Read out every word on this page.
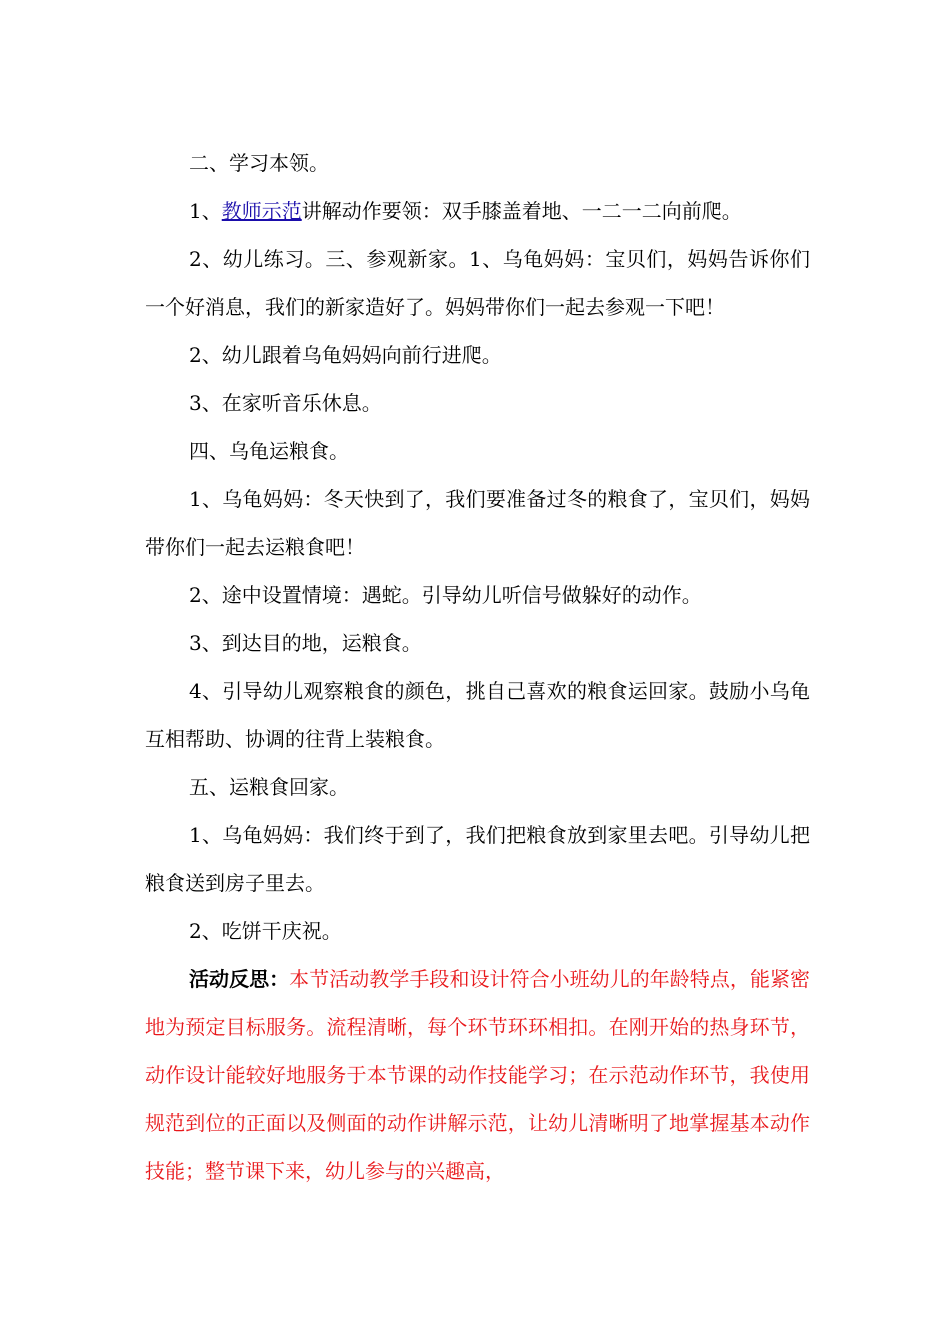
二、学习本领。

1、教师示范讲解动作要领：双手膝盖着地、一二一二向前爬。

2、幼儿练习。三、参观新家。1、乌龟妈妈：宝贝们，妈妈告诉你们一个好消息，我们的新家造好了。妈妈带你们一起去参观一下吧！

2、幼儿跟着乌龟妈妈向前行进爬。

3、在家听音乐休息。

四、乌龟运粮食。

1、乌龟妈妈：冬天快到了，我们要准备过冬的粮食了，宝贝们，妈妈带你们一起去运粮食吧！

2、途中设置情境：遇蛇。引导幼儿听信号做躲好的动作。

3、到达目的地，运粮食。

4、引导幼儿观察粮食的颜色，挑自己喜欢的粮食运回家。鼓励小乌龟互相帮助、协调的往背上装粮食。

五、运粮食回家。

1、乌龟妈妈：我们终于到了，我们把粮食放到家里去吧。引导幼儿把粮食送到房子里去。

2、吃饼干庆祝。

活动反思：本节活动教学手段和设计符合小班幼儿的年龄特点，能紧密地为预定目标服务。流程清晰，每个环节环环相扣。在刚开始的热身环节，动作设计能较好地服务于本节课的动作技能学习；在示范动作环节，我使用规范到位的正面以及侧面的动作讲解示范，让幼儿清晰明了地掌握基本动作技能；整节课下来，幼儿参与的兴趣高，
